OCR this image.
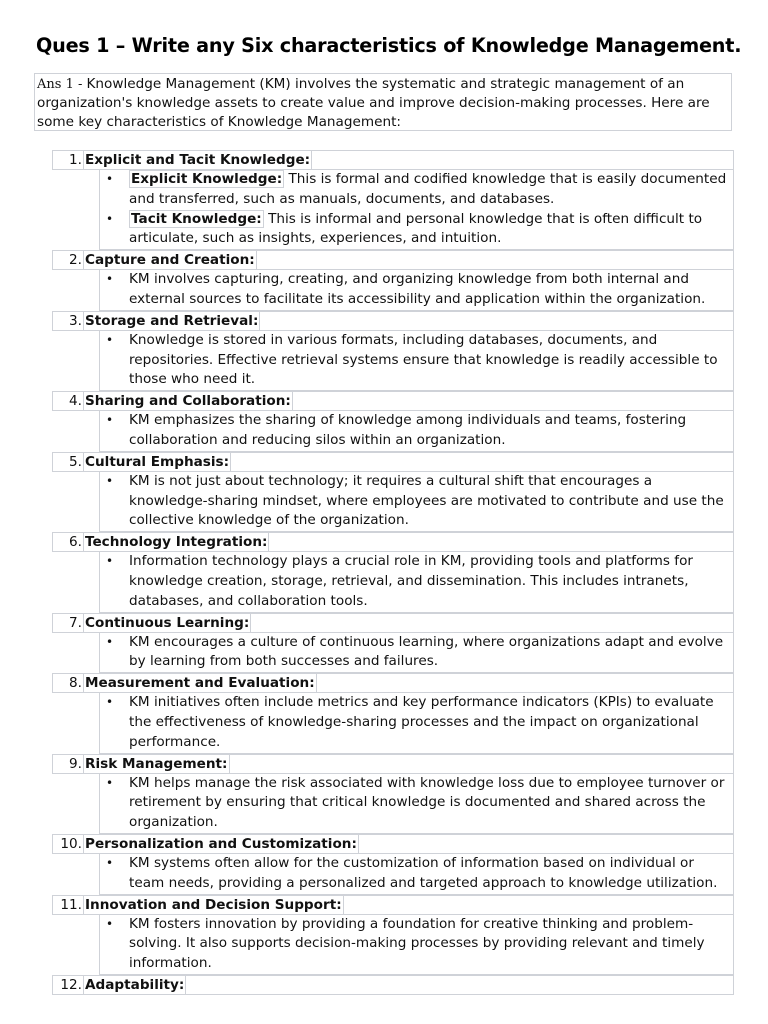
Ques 1 – Write any Six characteristics of Knowledge Management.
Ans 1 - Knowledge Management (KM) involves the systematic and strategic management of an organization's knowledge assets to create value and improve decision-making processes. Here are some key characteristics of Knowledge Management:
1. Explicit and Tacit Knowledge:
• Explicit Knowledge: This is formal and codified knowledge that is easily documented and transferred, such as manuals, documents, and databases.
• Tacit Knowledge: This is informal and personal knowledge that is often difficult to articulate, such as insights, experiences, and intuition.
2. Capture and Creation:
• KM involves capturing, creating, and organizing knowledge from both internal and external sources to facilitate its accessibility and application within the organization.
3. Storage and Retrieval:
• Knowledge is stored in various formats, including databases, documents, and repositories. Effective retrieval systems ensure that knowledge is readily accessible to those who need it.
4. Sharing and Collaboration:
• KM emphasizes the sharing of knowledge among individuals and teams, fostering collaboration and reducing silos within an organization.
5. Cultural Emphasis:
• KM is not just about technology; it requires a cultural shift that encourages a knowledge-sharing mindset, where employees are motivated to contribute and use the collective knowledge of the organization.
6. Technology Integration:
• Information technology plays a crucial role in KM, providing tools and platforms for knowledge creation, storage, retrieval, and dissemination. This includes intranets, databases, and collaboration tools.
7. Continuous Learning:
• KM encourages a culture of continuous learning, where organizations adapt and evolve by learning from both successes and failures.
8. Measurement and Evaluation:
• KM initiatives often include metrics and key performance indicators (KPIs) to evaluate the effectiveness of knowledge-sharing processes and the impact on organizational performance.
9. Risk Management:
• KM helps manage the risk associated with knowledge loss due to employee turnover or retirement by ensuring that critical knowledge is documented and shared across the organization.
10. Personalization and Customization:
• KM systems often allow for the customization of information based on individual or team needs, providing a personalized and targeted approach to knowledge utilization.
11. Innovation and Decision Support:
• KM fosters innovation by providing a foundation for creative thinking and problem-solving. It also supports decision-making processes by providing relevant and timely information.
12. Adaptability:
